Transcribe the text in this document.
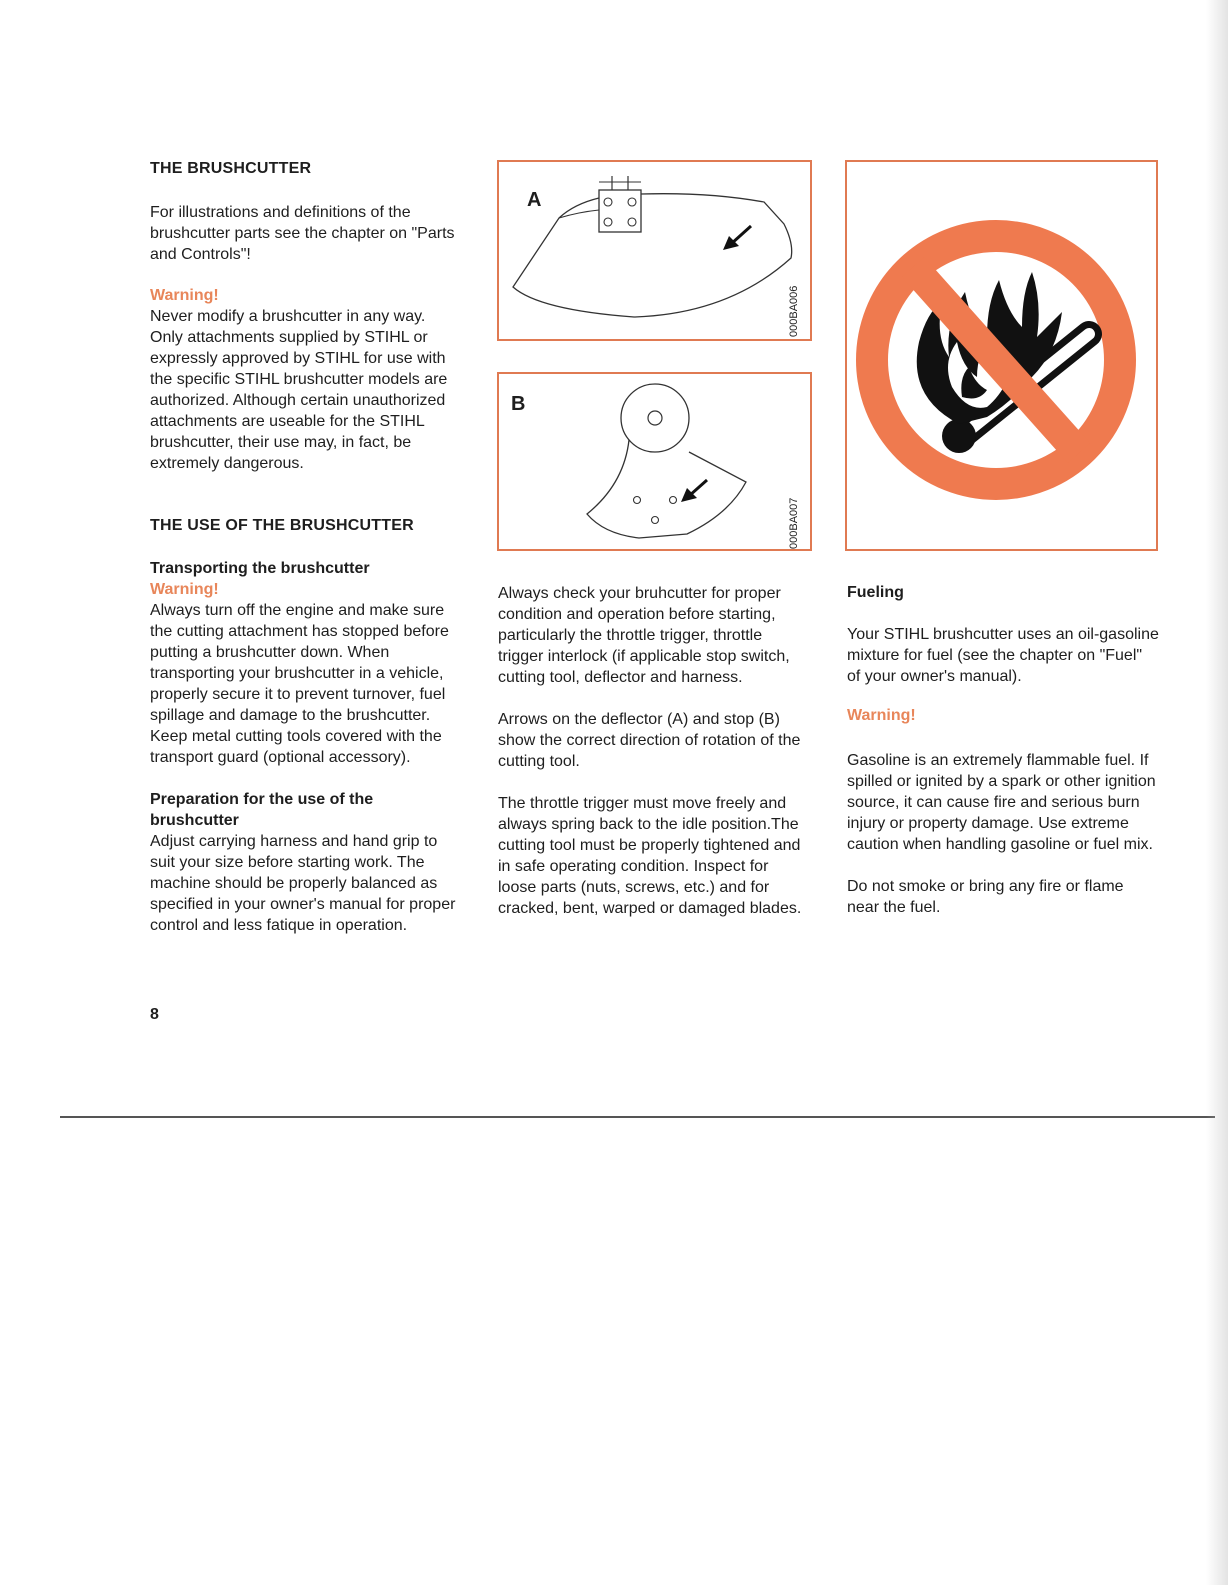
THE BRUSHCUTTER

For illustrations and definitions of the brushcutter parts see the chapter on "Parts and Controls"!

Warning!

Never modify a brushcutter in any way. Only attachments supplied by STIHL or expressly approved by STIHL for use with the specific STIHL brushcutter models are authorized. Although certain unauthorized attachments are useable for the STIHL brushcutter, their use may, in fact, be extremely dangerous.

THE USE OF THE BRUSHCUTTER
Transporting the brushcutter
Warning!

Always turn off the engine and make sure the cutting attachment has stopped before putting a brushcutter down. When transporting your brushcutter in a vehicle, properly secure it to prevent turnover, fuel spillage and damage to the brushcutter. Keep metal cutting tools covered with the transport guard (optional accessory).

Preparation for the use of the brushcutter

Adjust carrying harness and hand grip to suit your size before starting work. The machine should be properly balanced as specified in your owner's manual for proper control and less fatique in operation.

A
000BA006
B
000BA007

Always check your bruhcutter for proper condition and operation before starting, particularly the throttle trigger, throttle trigger interlock (if applicable stop switch, cutting tool, deflector and harness.

Arrows on the deflector (A) and stop (B) show the correct direction of rotation of the cutting tool.

The throttle trigger must move freely and always spring back to the idle position.The cutting tool must be properly tightened and in safe operating condition. Inspect for loose parts (nuts, screws, etc.) and for cracked, bent, warped or damaged blades.

Fueling

Your STIHL brushcutter uses an oil-gasoline mixture for fuel (see the chapter on "Fuel" of your owner's manual).

Warning!

Gasoline is an extremely flammable fuel. If spilled or ignited by a spark or other ignition source, it can cause fire and serious burn injury or property damage. Use extreme caution when handling gasoline or fuel mix.

Do not smoke or bring any fire or flame near the fuel.

8
